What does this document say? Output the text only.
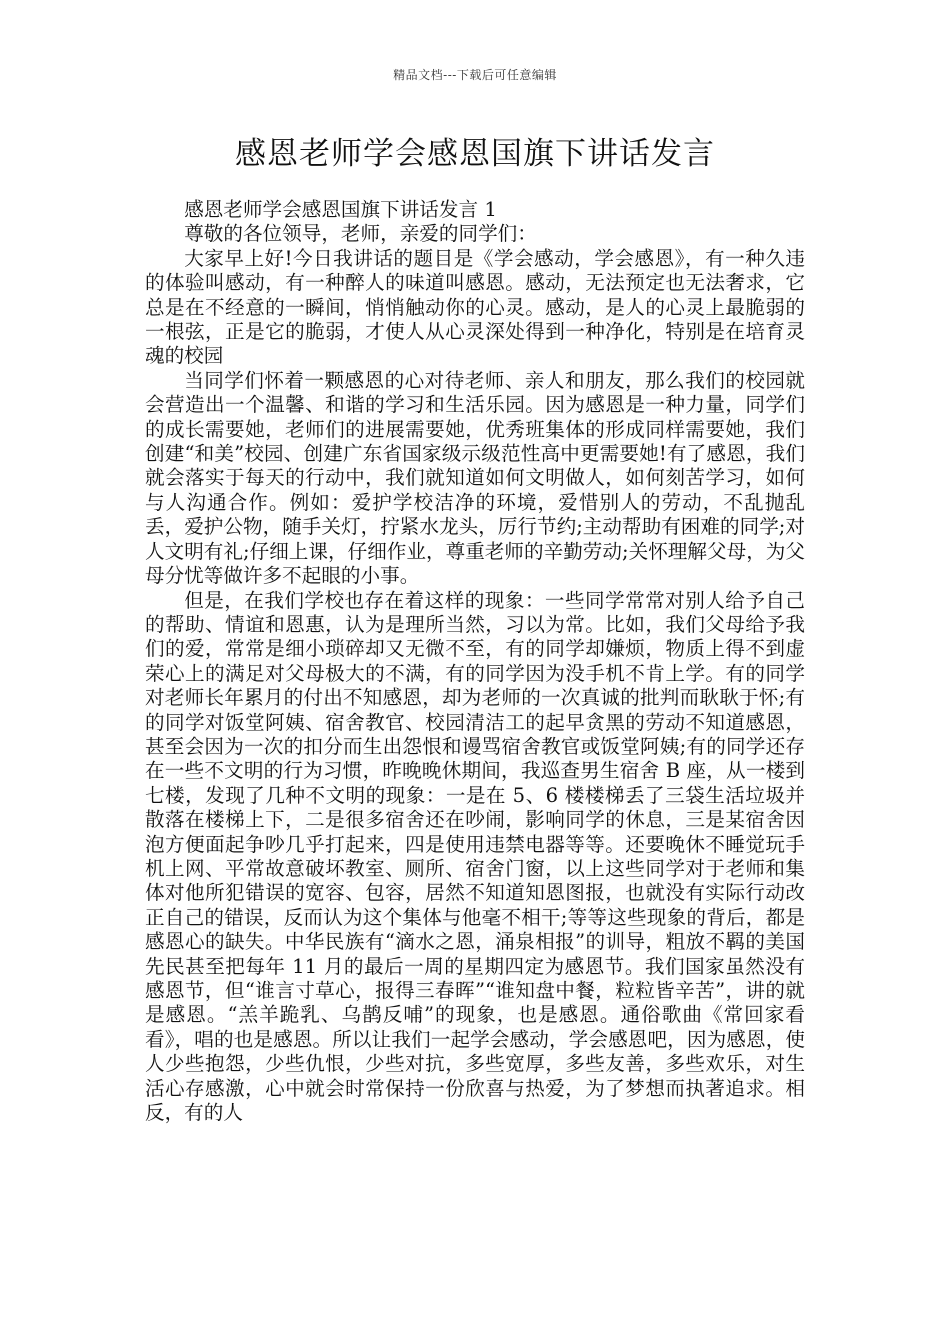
精品文档---下载后可任意编辑
感恩老师学会感恩国旗下讲话发言

感恩老师学会感恩国旗下讲话发言 1

尊敬的各位领导，老师，亲爱的同学们：

大家早上好!今日我讲话的题目是《学会感动，学会感恩》，有一种久违的体验叫感动，有一种醉人的味道叫感恩。感动，无法预定也无法奢求，它总是在不经意的一瞬间，悄悄触动你的心灵。感动，是人的心灵上最脆弱的一根弦，正是它的脆弱，才使人从心灵深处得到一种净化，特别是在培育灵魂的校园

当同学们怀着一颗感恩的心对待老师、亲人和朋友，那么我们的校园就会营造出一个温馨、和谐的学习和生活乐园。因为感恩是一种力量，同学们的成长需要她，老师们的进展需要她，优秀班集体的形成同样需要她，我们创建“和美”校园、创建广东省国家级示级范性高中更需要她!有了感恩，我们就会落实于每天的行动中，我们就知道如何文明做人，如何刻苦学习，如何与人沟通合作。例如：爱护学校洁净的环境，爱惜别人的劳动，不乱抛乱丢，爱护公物，随手关灯，拧紧水龙头，厉行节约;主动帮助有困难的同学;对人文明有礼;仔细上课，仔细作业，尊重老师的辛勤劳动;关怀理解父母，为父母分忧等做许多不起眼的小事。

但是，在我们学校也存在着这样的现象：一些同学常常对别人给予自己的帮助、情谊和恩惠，认为是理所当然，习以为常。比如，我们父母给予我们的爱，常常是细小琐碎却又无微不至，有的同学却嫌烦，物质上得不到虚荣心上的满足对父母极大的不满，有的同学因为没手机不肯上学。有的同学对老师长年累月的付出不知感恩，却为老师的一次真诚的批判而耿耿于怀;有的同学对饭堂阿姨、宿舍教官、校园清洁工的起早贪黑的劳动不知道感恩，甚至会因为一次的扣分而生出怨恨和谩骂宿舍教官或饭堂阿姨;有的同学还存在一些不文明的行为习惯，昨晚晚休期间，我巡查男生宿舍 B 座，从一楼到七楼，发现了几种不文明的现象：一是在 5、6 楼楼梯丢了三袋生活垃圾并散落在楼梯上下，二是很多宿舍还在吵闹，影响同学的休息，三是某宿舍因泡方便面起争吵几乎打起来，四是使用违禁电器等等。还要晚休不睡觉玩手机上网、平常故意破坏教室、厕所、宿舍门窗，以上这些同学对于老师和集体对他所犯错误的宽容、包容，居然不知道知恩图报，也就没有实际行动改正自己的错误，反而认为这个集体与他毫不相干;等等这些现象的背后，都是感恩心的缺失。中华民族有“滴水之恩，涌泉相报”的训导，粗放不羁的美国先民甚至把每年 11 月的最后一周的星期四定为感恩节。我们国家虽然没有感恩节，但“谁言寸草心，报得三春晖”“谁知盘中餐，粒粒皆辛苦”，讲的就是感恩。“羔羊跪乳、乌鹊反哺”的现象，也是感恩。通俗歌曲《常回家看看》，唱的也是感恩。所以让我们一起学会感动，学会感恩吧，因为感恩，使人少些抱怨，少些仇恨，少些对抗，多些宽厚，多些友善，多些欢乐，对生活心存感激，心中就会时常保持一份欣喜与热爱，为了梦想而执著追求。相反，有的人
